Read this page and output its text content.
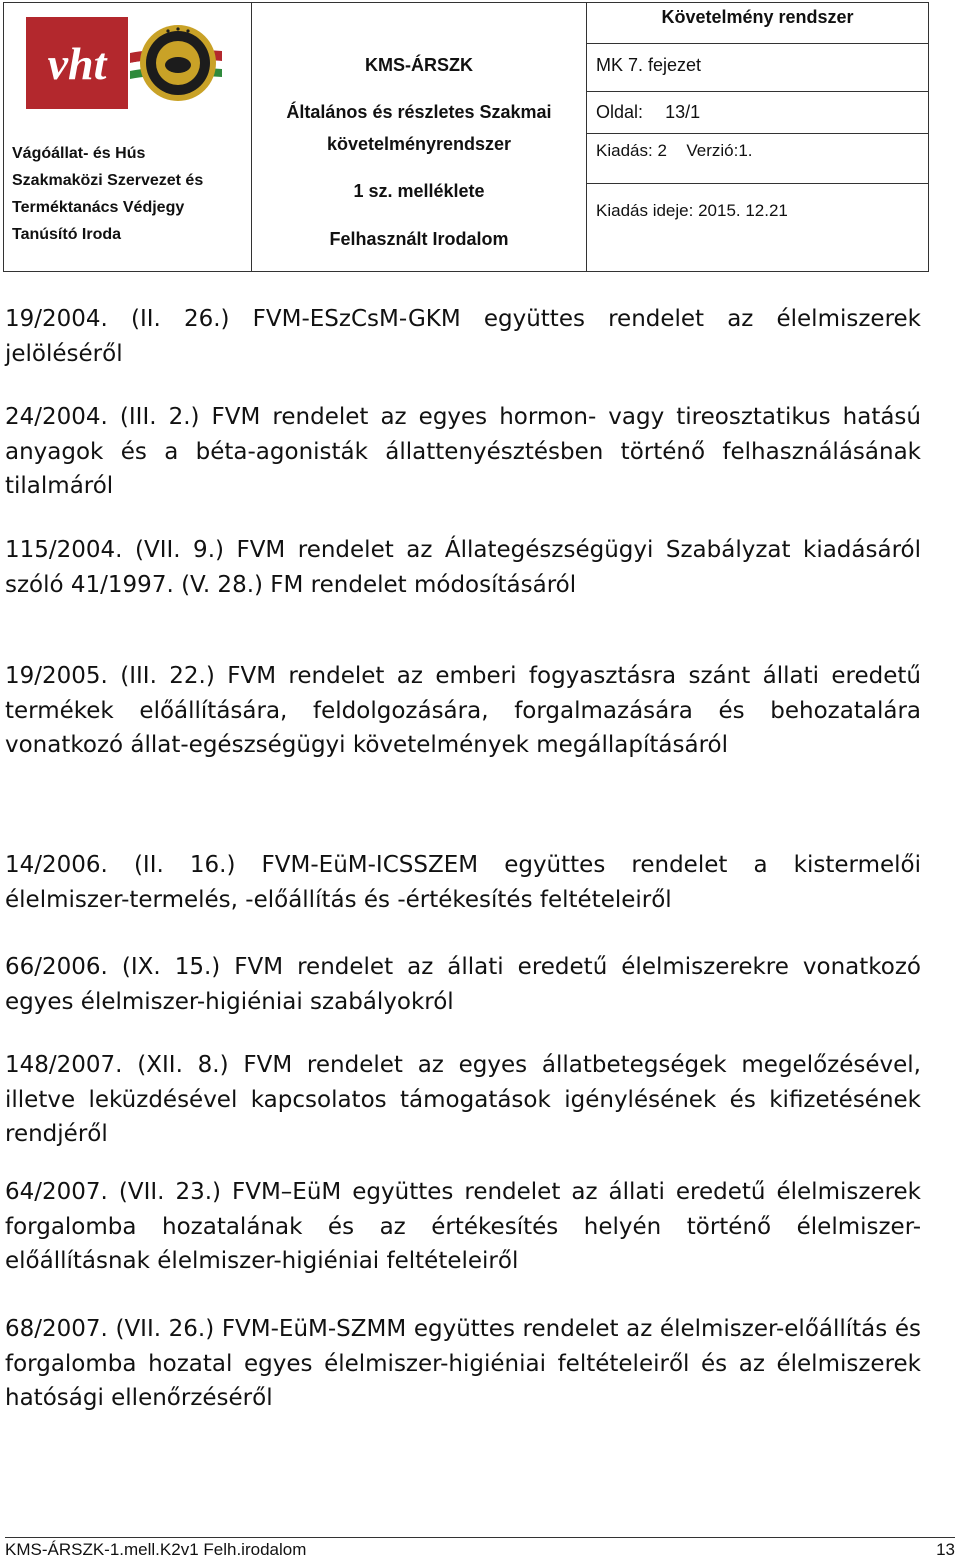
vht
Vágóállat- és Hús
Szakmaközi Szervezet és
Terméktanács Védjegy
Tanúsító Iroda
KMS-ÁRSZK
Általános és részletes Szakmai
követelményrendszer
1 sz. melléklete
Felhasznált Irodalom
Követelmény rendszer
MK 7. fejezet
Oldal: 13/1
Kiadás: 2 Verzió:1.
Kiadás ideje: 2015. 12.21

19/2004. (II. 26.) FVM-ESzCsM-GKM együttes rendelet az élelmiszerek jelöléséről

24/2004. (III. 2.) FVM rendelet az egyes hormon- vagy tireosztatikus hatású anyagok és a béta-agonisták állattenyésztésben történő felhasználásának tilalmáról

115/2004. (VII. 9.) FVM rendelet az Állategészségügyi Szabályzat kiadásáról szóló 41/1997. (V. 28.) FM rendelet módosításáról

19/2005. (III. 22.) FVM rendelet az emberi fogyasztásra szánt állati eredetű termékek előállítására, feldolgozására, forgalmazására és behozatalára vonatkozó állat-egészségügyi követelmények megállapításáról

14/2006. (II. 16.) FVM-EüM-ICSSZEM együttes rendelet a kistermelői élelmiszer-termelés, -előállítás és -értékesítés feltételeiről

66/2006. (IX. 15.) FVM rendelet az állati eredetű élelmiszerekre vonatkozó egyes élelmiszer-higiéniai szabályokról

148/2007. (XII. 8.) FVM rendelet az egyes állatbetegségek megelőzésével, illetve leküzdésével kapcsolatos támogatások igénylésének és kifizetésének rendjéről

64/2007. (VII. 23.) FVM–EüM együttes rendelet az állati eredetű élelmiszerek forgalomba hozatalának és az értékesítés helyén történő élelmiszer-előállításnak élelmiszer-higiéniai feltételeiről

68/2007. (VII. 26.) FVM-EüM-SZMM együttes rendelet az élelmiszer-előállítás és forgalomba hozatal egyes élelmiszer-higiéniai feltételeiről és az élelmiszerek hatósági ellenőrzéséről

KMS-ÁRSZK-1.mell.K2v1 Felh.irodalom	13
